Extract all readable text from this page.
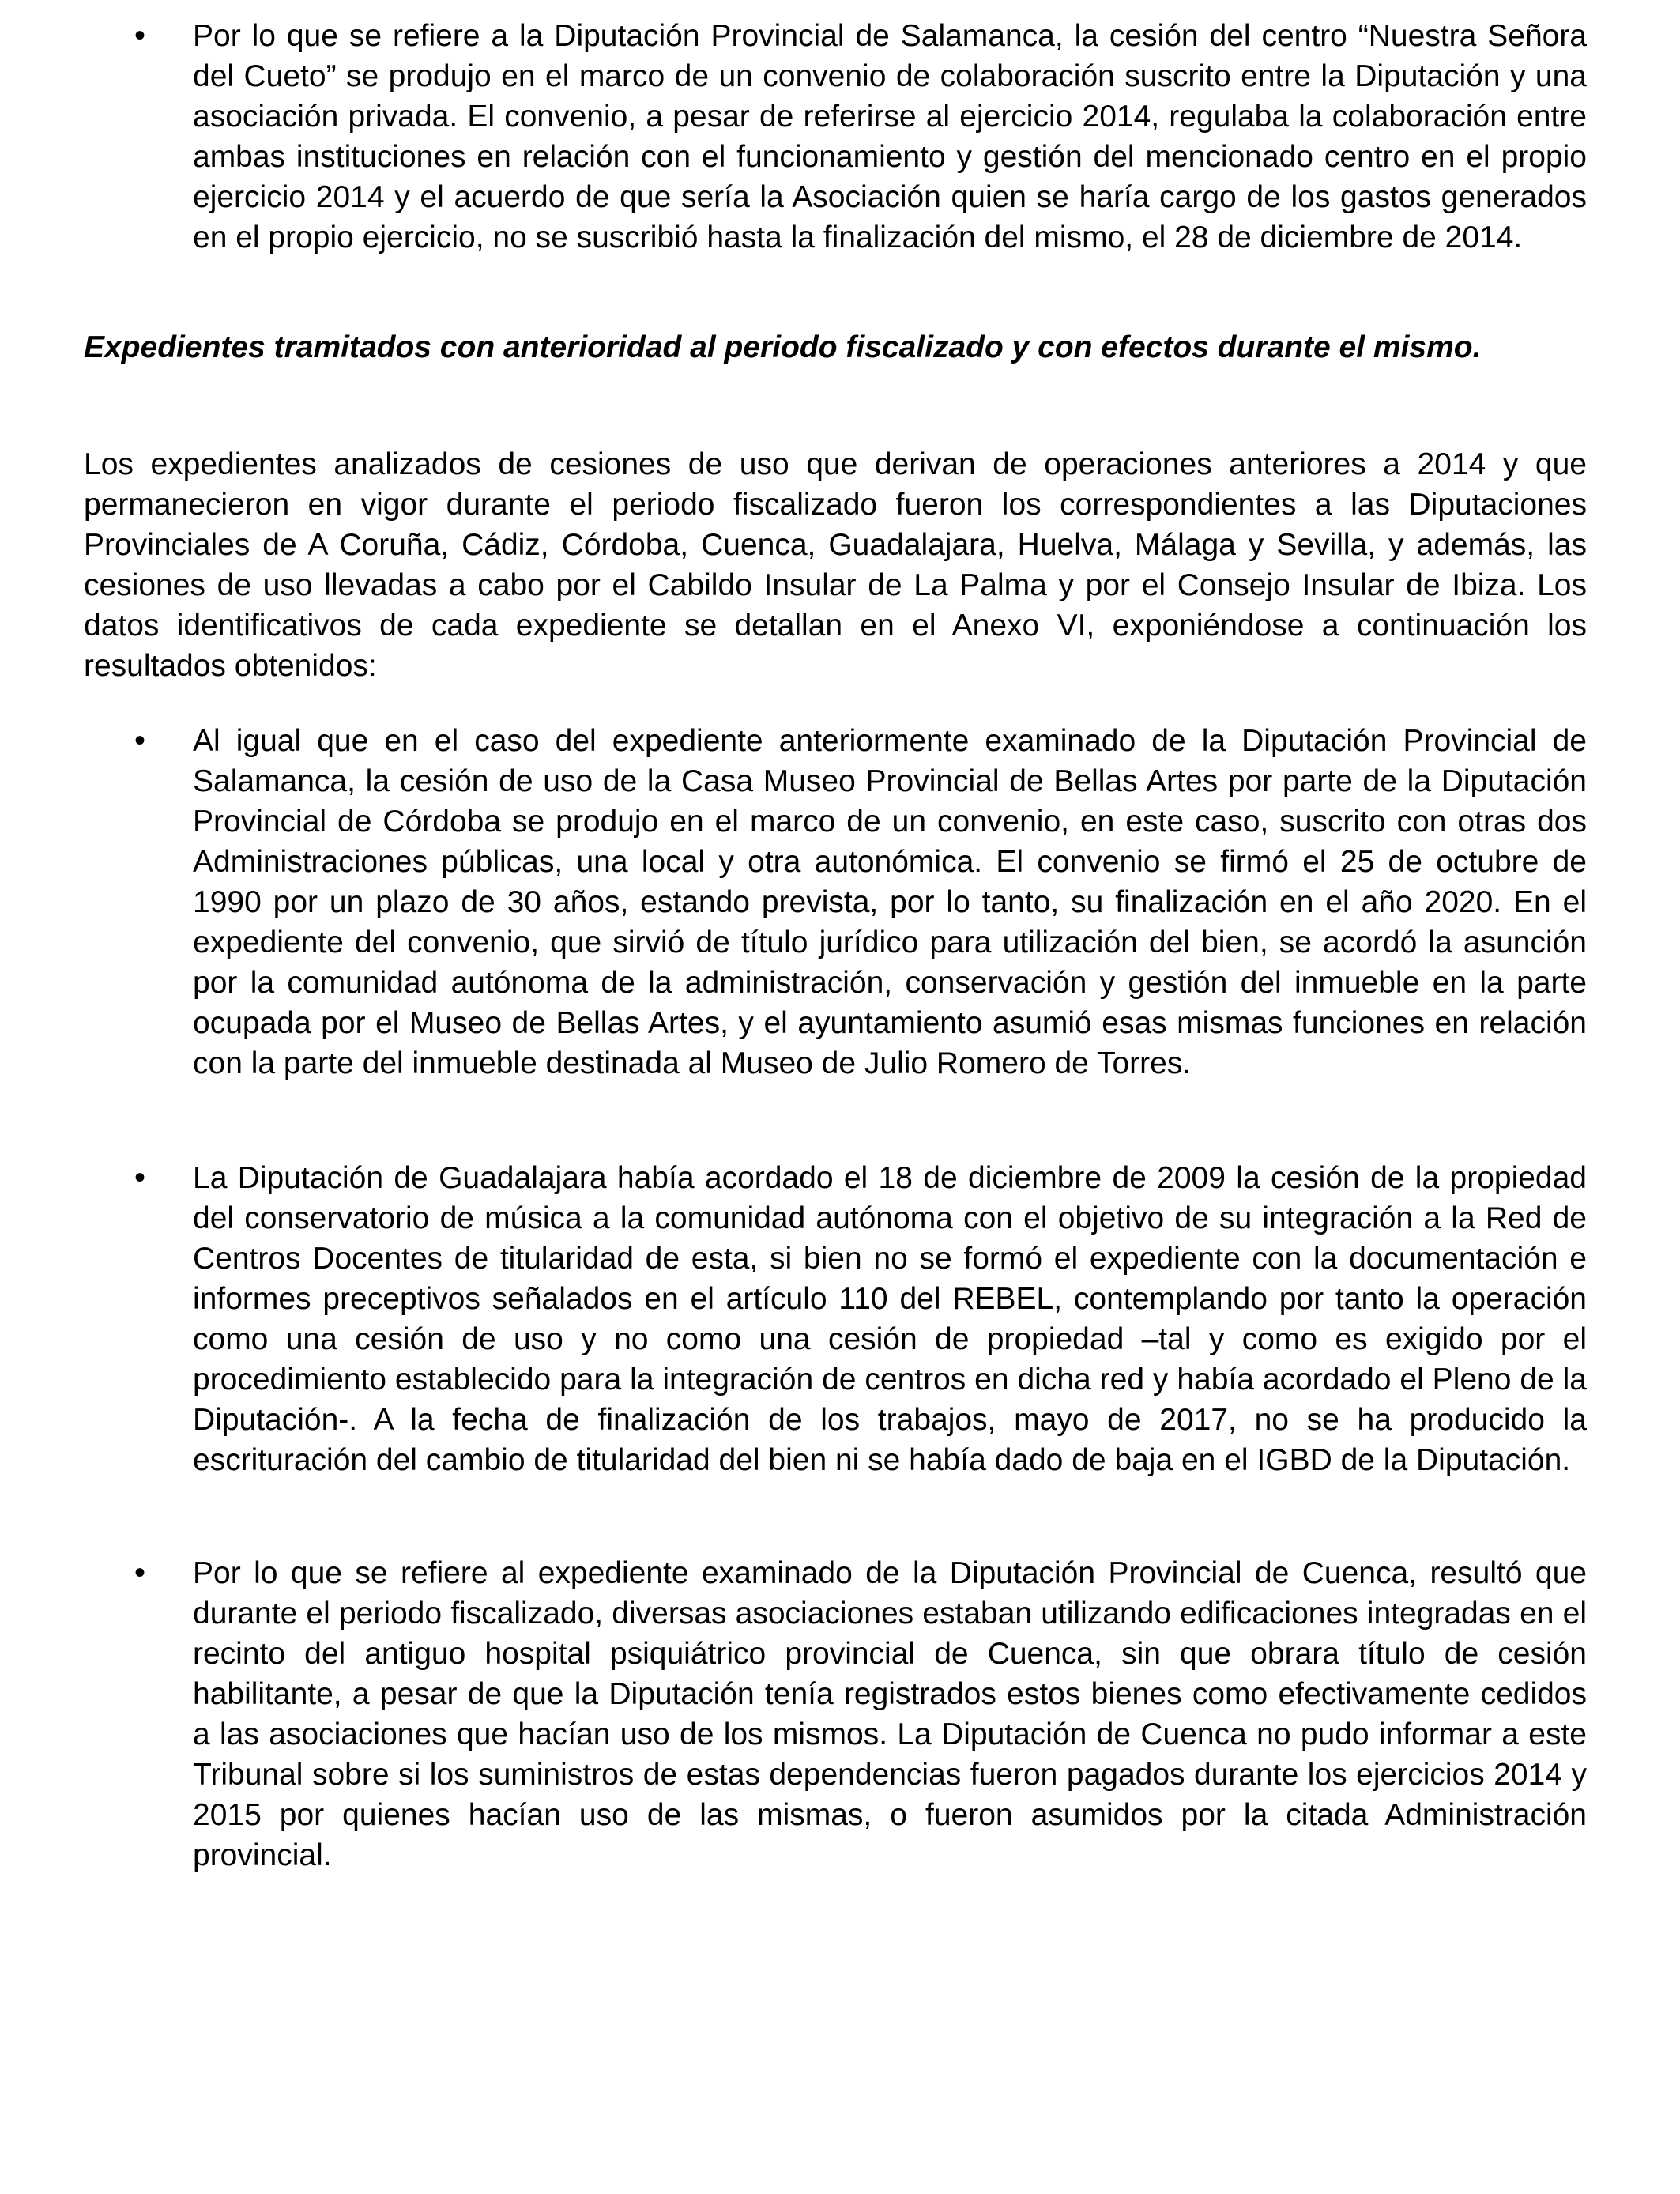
• Por lo que se refiere a la Diputación Provincial de Salamanca, la cesión del centro “Nuestra Señora del Cueto” se produjo en el marco de un convenio de colaboración suscrito entre la Diputación y una asociación privada. El convenio, a pesar de referirse al ejercicio 2014, regulaba la colaboración entre ambas instituciones en relación con el funcionamiento y gestión del mencionado centro en el propio ejercicio 2014 y el acuerdo de que sería la Asociación quien se haría cargo de los gastos generados en el propio ejercicio, no se suscribió hasta la finalización del mismo, el 28 de diciembre de 2014.

Expedientes tramitados con anterioridad al periodo fiscalizado y con efectos durante el mismo.

Los expedientes analizados de cesiones de uso que derivan de operaciones anteriores a 2014 y que permanecieron en vigor durante el periodo fiscalizado fueron los correspondientes a las Diputaciones Provinciales de A Coruña, Cádiz, Córdoba, Cuenca, Guadalajara, Huelva, Málaga y Sevilla, y además, las cesiones de uso llevadas a cabo por el Cabildo Insular de La Palma y por el Consejo Insular de Ibiza. Los datos identificativos de cada expediente se detallan en el Anexo VI, exponiéndose a continuación los resultados obtenidos:

• Al igual que en el caso del expediente anteriormente examinado de la Diputación Provincial de Salamanca, la cesión de uso de la Casa Museo Provincial de Bellas Artes por parte de la Diputación Provincial de Córdoba se produjo en el marco de un convenio, en este caso, suscrito con otras dos Administraciones públicas, una local y otra autonómica. El convenio se firmó el 25 de octubre de 1990 por un plazo de 30 años, estando prevista, por lo tanto, su finalización en el año 2020. En el expediente del convenio, que sirvió de título jurídico para utilización del bien, se acordó la asunción por la comunidad autónoma de la administración, conservación y gestión del inmueble en la parte ocupada por el Museo de Bellas Artes, y el ayuntamiento asumió esas mismas funciones en relación con la parte del inmueble destinada al Museo de Julio Romero de Torres.

• La Diputación de Guadalajara había acordado el 18 de diciembre de 2009 la cesión de la propiedad del conservatorio de música a la comunidad autónoma con el objetivo de su integración a la Red de Centros Docentes de titularidad de esta, si bien no se formó el expediente con la documentación e informes preceptivos señalados en el artículo 110 del REBEL, contemplando por tanto la operación como una cesión de uso y no como una cesión de propiedad –tal y como es exigido por el procedimiento establecido para la integración de centros en dicha red y había acordado el Pleno de la Diputación-. A la fecha de finalización de los trabajos, mayo de 2017, no se ha producido la escrituración del cambio de titularidad del bien ni se había dado de baja en el IGBD de la Diputación.

• Por lo que se refiere al expediente examinado de la Diputación Provincial de Cuenca, resultó que durante el periodo fiscalizado, diversas asociaciones estaban utilizando edificaciones integradas en el recinto del antiguo hospital psiquiátrico provincial de Cuenca, sin que obrara título de cesión habilitante, a pesar de que la Diputación tenía registrados estos bienes como efectivamente cedidos a las asociaciones que hacían uso de los mismos. La Diputación de Cuenca no pudo informar a este Tribunal sobre si los suministros de estas dependencias fueron pagados durante los ejercicios 2014 y 2015 por quienes hacían uso de las mismas, o fueron asumidos por la citada Administración provincial.
